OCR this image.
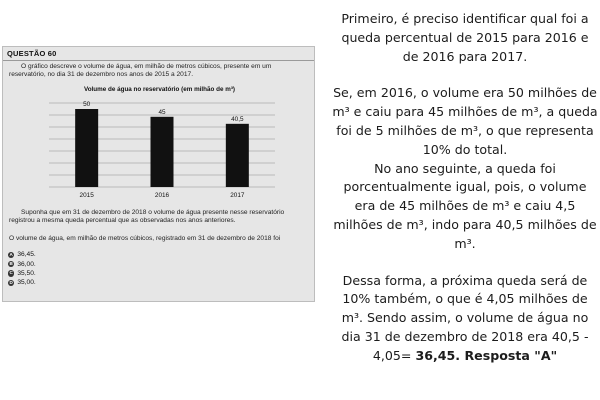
QUESTÃO 60
O gráfico descreve o volume de água, em milhão de metros cúbicos, presente em um reservatório, no dia 31 de dezembro nos anos de 2015 a 2017.
Volume de água no reservatório (em milhão de m³)
50
2015
45
2016
40,5
2017
Suponha que em 31 de dezembro de 2018 o volume de água presente nesse reservatório registrou a mesma queda percentual que as observadas nos anos anteriores.
O volume de água, em milhão de metros cúbicos, registrado em 31 de dezembro de 2018 foi
A 36,45.
B 36,00.
C 35,50.
D 35,00.

Primeiro, é preciso identificar qual foi a queda percentual de 2015 para 2016 e de 2016 para 2017.

Se, em 2016, o volume era 50 milhões de m³ e caiu para 45 milhões de m³, a queda foi de 5 milhões de m³, o que representa 10% do total.

No ano seguinte, a queda foi porcentualmente igual, pois, o volume era de 45 milhões de m³ e caiu 4,5 milhões de m³, indo para 40,5 milhões de m³.

Dessa forma, a próxima queda será de 10% também, o que é 4,05 milhões de m³. Sendo assim, o volume de água no dia 31 de dezembro de 2018 era 40,5 - 4,05= 36,45. Resposta "A"
